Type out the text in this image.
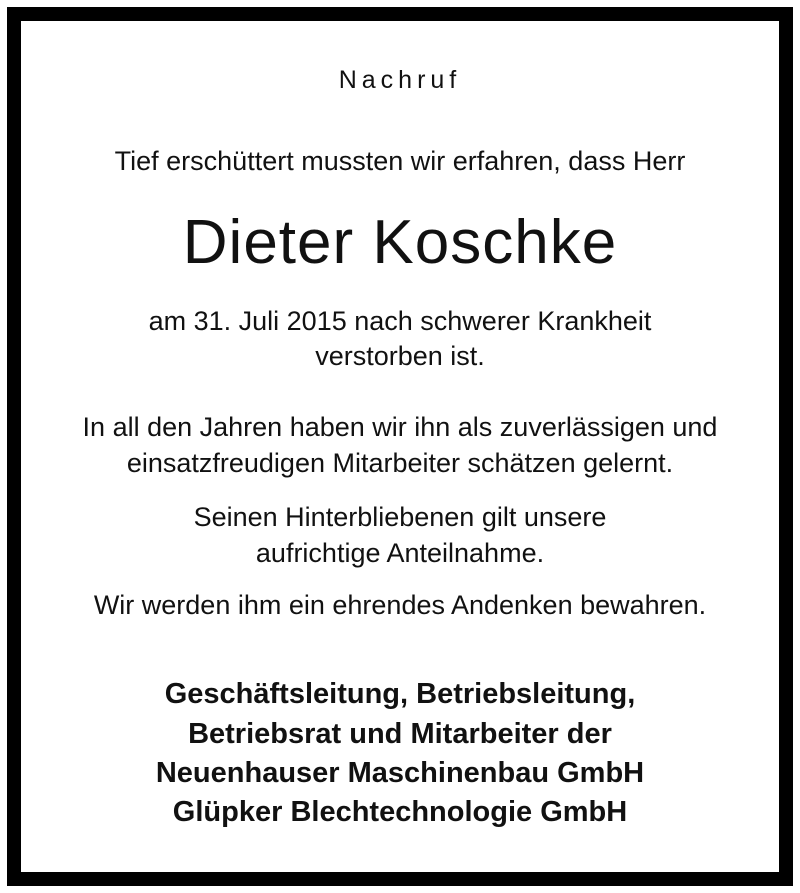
Nachruf
Tief erschüttert mussten wir erfahren, dass Herr
Dieter Koschke
am 31. Juli 2015 nach schwerer Krankheit
verstorben ist.
In all den Jahren haben wir ihn als zuverlässigen und
einsatzfreudigen Mitarbeiter schätzen gelernt.
Seinen Hinterbliebenen gilt unsere
aufrichtige Anteilnahme.
Wir werden ihm ein ehrendes Andenken bewahren.
Geschäftsleitung, Betriebsleitung,
Betriebsrat und Mitarbeiter der
Neuenhauser Maschinenbau GmbH
Glüpker Blechtechnologie GmbH
